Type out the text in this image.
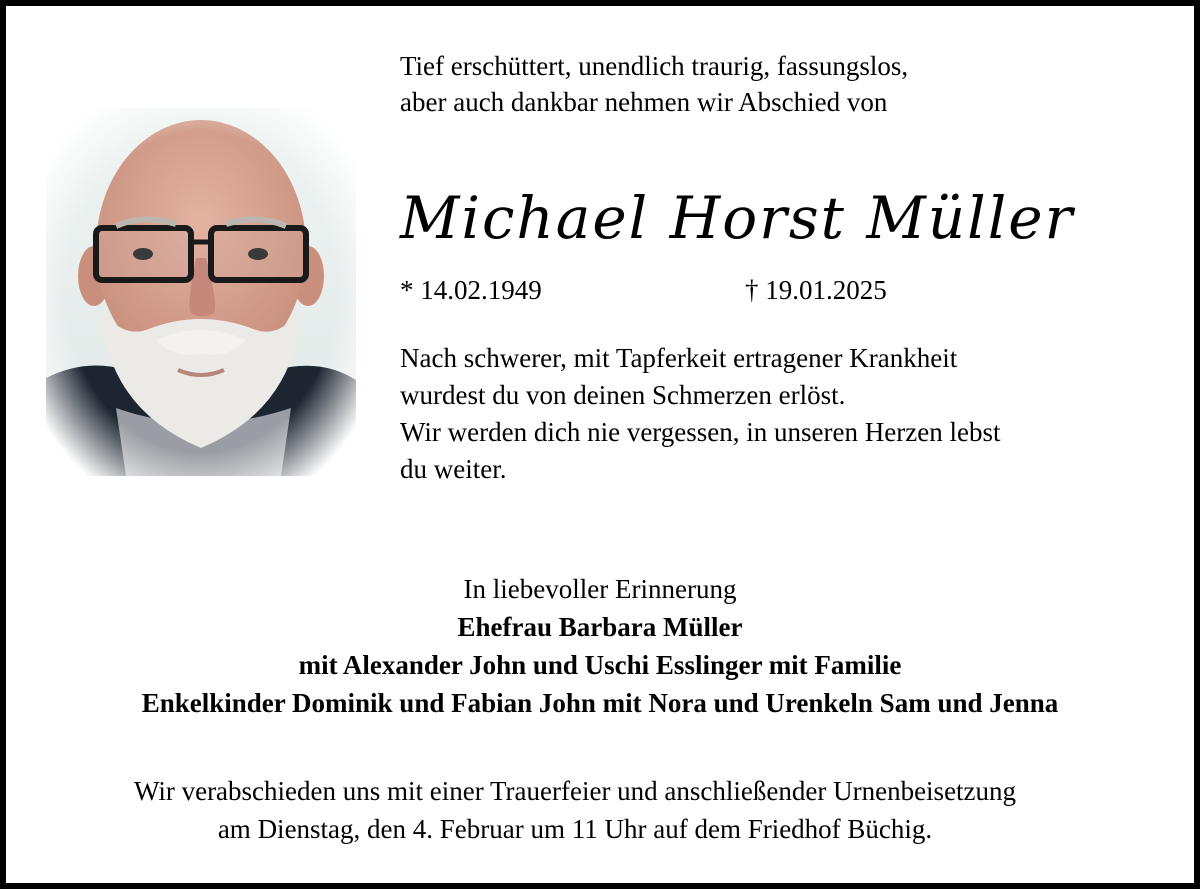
Tief erschüttert, unendlich traurig, fassungslos,
aber auch dankbar nehmen wir Abschied von
Michael Horst Müller
* 14.02.1949	† 19.01.2025
Nach schwerer, mit Tapferkeit ertragener Krankheit
wurdest du von deinen Schmerzen erlöst.
Wir werden dich nie vergessen, in unseren Herzen lebst
du weiter.
In liebevoller Erinnerung
Ehefrau Barbara Müller
mit Alexander John und Uschi Esslinger mit Familie
Enkelkinder Dominik und Fabian John mit Nora und Urenkeln Sam und Jenna
Wir verabschieden uns mit einer Trauerfeier und anschließender Urnenbeisetzung
am Dienstag, den 4. Februar um 11 Uhr auf dem Friedhof Büchig.
